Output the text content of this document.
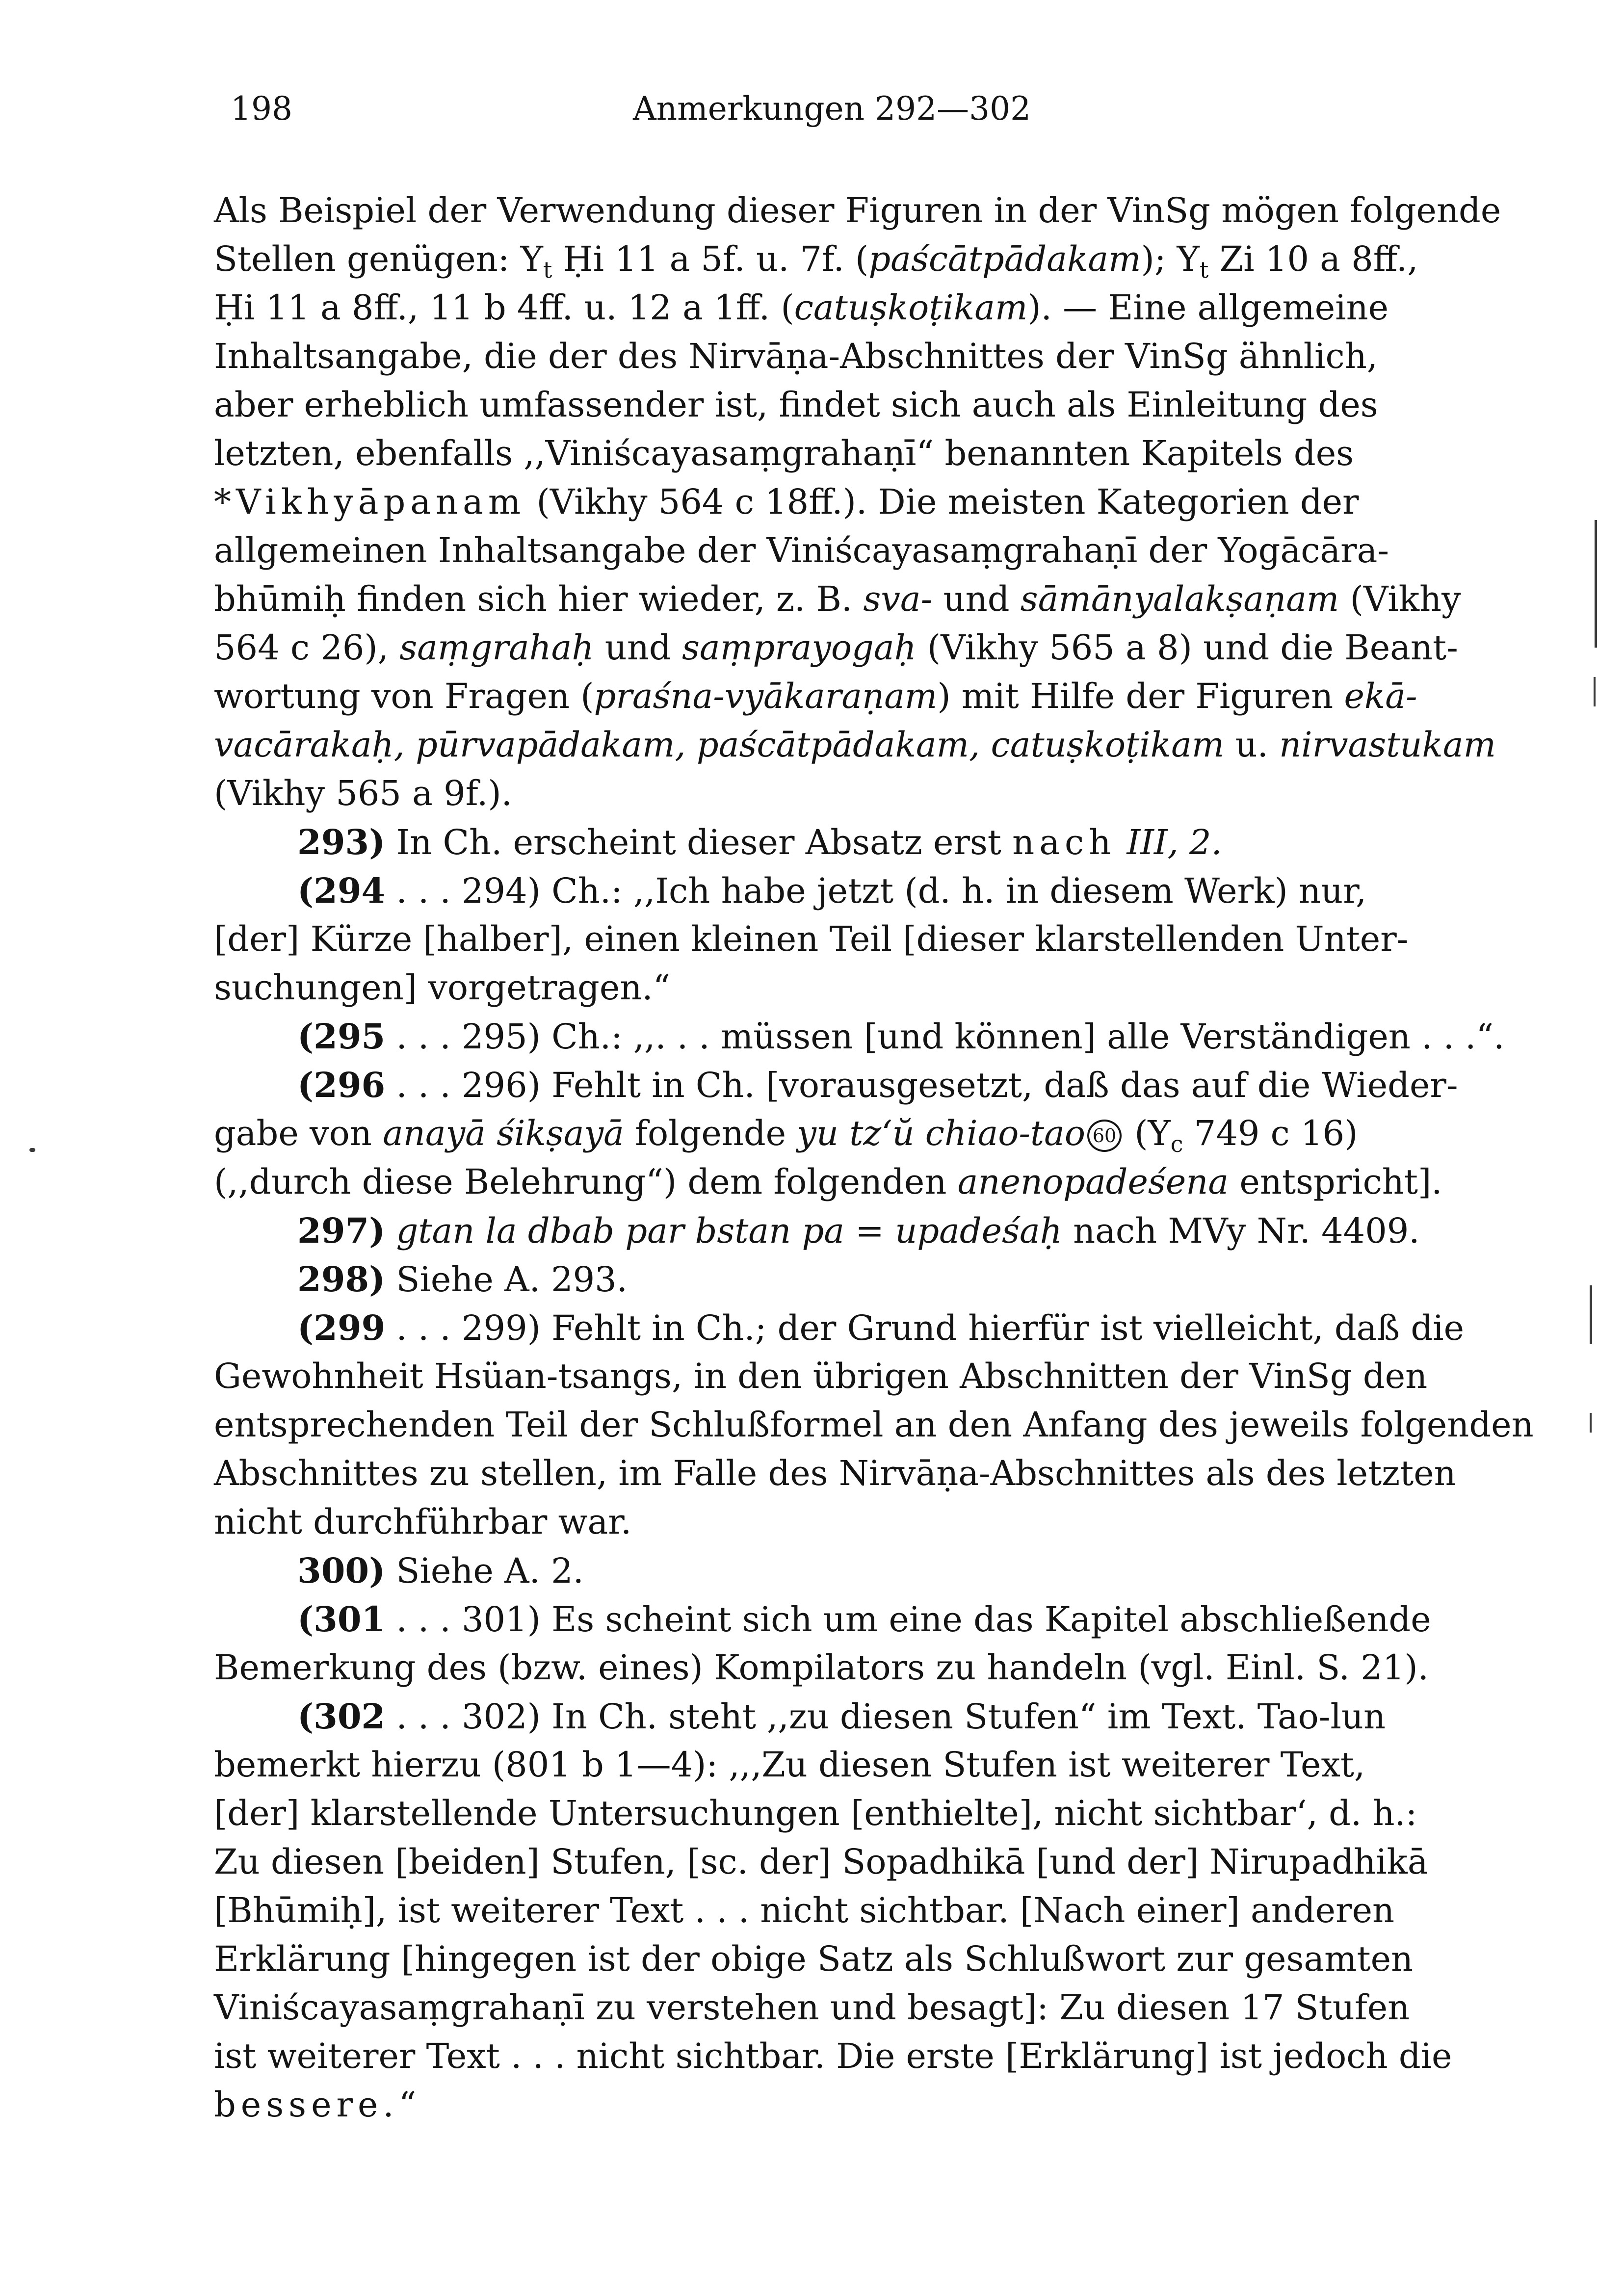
198	Anmerkungen 292—302
Als Beispiel der Verwendung dieser Figuren in der VinSg mögen folgende
Stellen genügen: $Y_t$ Ḥi 11 a 5f. u. 7f. (paścātpādakam); $Y_t$ Zi 10 a 8ff.,
Ḥi 11 a 8ff., 11 b 4ff. u. 12 a 1ff. (catuṣkoṭikam). — Eine allgemeine
Inhaltsangabe, die der des Nirvāṇa-Abschnittes der VinSg ähnlich,
aber erheblich umfassender ist, findet sich auch als Einleitung des
letzten, ebenfalls ,,Viniścayasaṃgrahaṇī“ benannten Kapitels des
*Vikhyāpanam (Vikhy 564 c 18ff.). Die meisten Kategorien der
allgemeinen Inhaltsangabe der Viniścayasaṃgrahaṇī der Yogācāra-
bhūmiḥ finden sich hier wieder, z. B. sva- und sāmānyalakṣaṇam (Vikhy
564 c 26), saṃgrahaḥ und saṃprayogaḥ (Vikhy 565 a 8) und die Beant-
wortung von Fragen (praśna-vyākaraṇam) mit Hilfe der Figuren ekā-
vacārakaḥ, pūrvapādakam, paścātpādakam, catuṣkoṭikam u. nirvastukam
(Vikhy 565 a 9f.).
293) In Ch. erscheint dieser Absatz erst nach III, 2.
(294 . . . 294) Ch.: ,,Ich habe jetzt (d. h. in diesem Werk) nur,
[der] Kürze [halber], einen kleinen Teil [dieser klarstellenden Unter-
suchungen] vorgetragen.“
(295 . . . 295) Ch.: ,,. . . müssen [und können] alle Verständigen . . .“.
(296 . . . 296) Fehlt in Ch. [vorausgesetzt, daß das auf die Wieder-
gabe von anayā śikṣayā folgende yu tzʻŭ chiao-tao 60 ($Y_c$ 749 c 16)
(,,durch diese Belehrung“) dem folgenden anenopadeśena entspricht].
297) gtan la dbab par bstan pa = upadeśaḥ nach MVy Nr. 4409.
298) Siehe A. 293.
(299 . . . 299) Fehlt in Ch.; der Grund hierfür ist vielleicht, daß die
Gewohnheit Hsüan-tsangs, in den übrigen Abschnitten der VinSg den
entsprechenden Teil der Schlußformel an den Anfang des jeweils folgenden
Abschnittes zu stellen, im Falle des Nirvāṇa-Abschnittes als des letzten
nicht durchführbar war.
300) Siehe A. 2.
(301 . . . 301) Es scheint sich um eine das Kapitel abschließende
Bemerkung des (bzw. eines) Kompilators zu handeln (vgl. Einl. S. 21).
(302 . . . 302) In Ch. steht ,,zu diesen Stufen“ im Text. Tao-lun
bemerkt hierzu (801 b 1—4): ,,‚Zu diesen Stufen ist weiterer Text,
[der] klarstellende Untersuchungen [enthielte], nicht sichtbar‘, d. h.:
Zu diesen [beiden] Stufen, [sc. der] Sopadhikā [und der] Nirupadhikā
[Bhūmiḥ], ist weiterer Text . . . nicht sichtbar. [Nach einer] anderen
Erklärung [hingegen ist der obige Satz als Schlußwort zur gesamten
Viniścayasaṃgrahaṇī zu verstehen und besagt]: Zu diesen 17 Stufen
ist weiterer Text . . . nicht sichtbar. Die erste [Erklärung] ist jedoch die
bessere.“
